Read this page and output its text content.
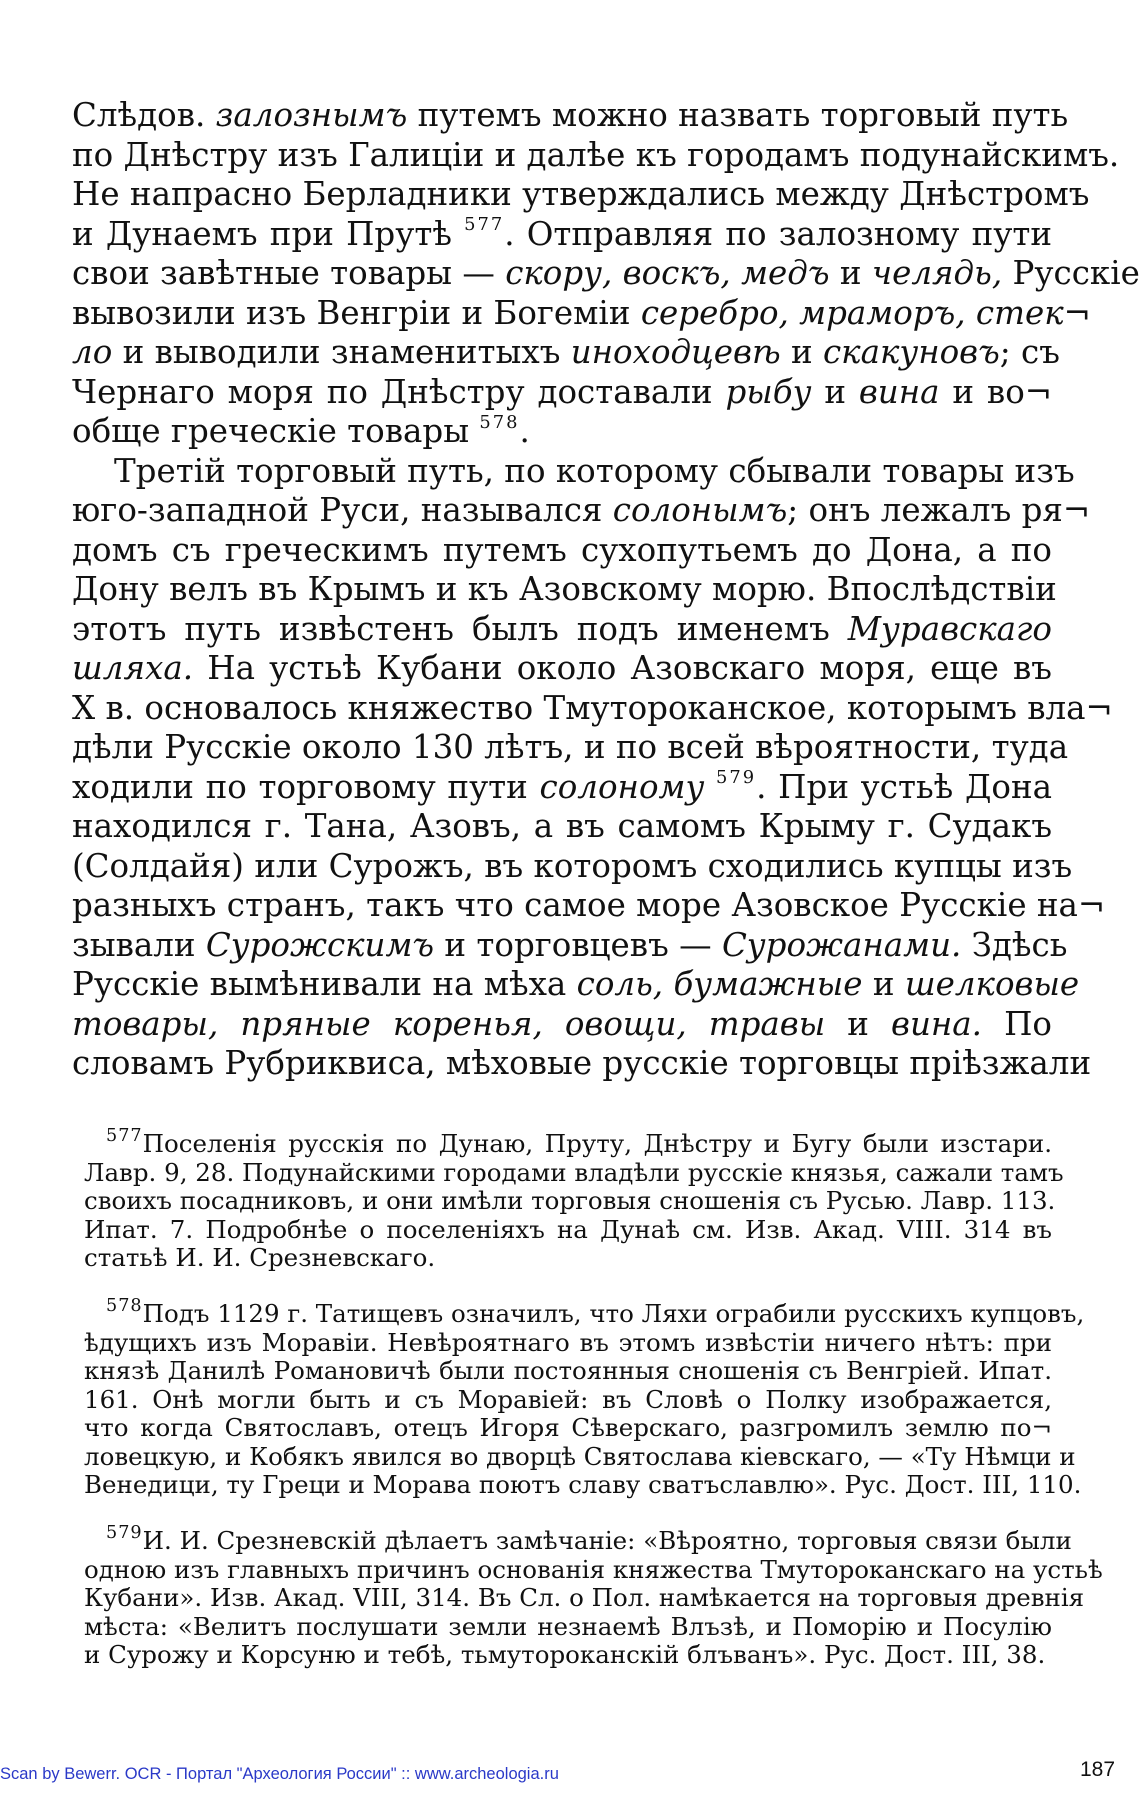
Слѣдов. залознымъ путемъ можно назвать торговый путь
по Днѣстру изъ Галиціи и далѣе къ городамъ подунайскимъ.
Не напрасно Берладники утверждались между Днѣстромъ
и Дунаемъ при Прутѣ $^{577}$. Отправляя по залозному пути
свои завѣтные товары — скору, воскъ, медъ и челядь, Русскіе
вывозили изъ Венгріи и Богеміи серебро, мраморъ, стек¬
ло и выводили знаменитыхъ иноходцевѣ и скакуновъ; съ
Чернаго моря по Днѣстру доставали рыбу и вина и во¬
обще греческіе товары $^{578}$.
Третій торговый путь, по которому сбывали товары изъ
юго-западной Руси, назывался солонымъ; онъ лежалъ ря¬
домъ съ греческимъ путемъ сухопутьемъ до Дона, а по
Дону велъ въ Крымъ и къ Азовскому морю. Впослѣдствіи
этотъ путь извѣстенъ былъ подъ именемъ Муравскаго
шляха. На устьѣ Кубани около Азовскаго моря, еще въ
X в. основалось княжество Тмутороканское, которымъ вла¬
дѣли Русскіе около 130 лѣтъ, и по всей вѣроятности, туда
ходили по торговому пути солоному $^{579}$. При устьѣ Дона
находился г. Тана, Азовъ, а въ самомъ Крыму г. Судакъ
(Солдайя) или Сурожъ, въ которомъ сходились купцы изъ
разныхъ странъ, такъ что самое море Азовское Русскіе на¬
зывали Сурожскимъ и торговцевъ — Сурожанами. Здѣсь
Русскіе вымѣнивали на мѣха соль, бумажные и шелковые
товары, пряные коренья, овощи, травы и вина. По
словамъ Рубриквиса, мѣховые русскіе торговцы пріѣзжали
$^{577}$Поселенія русскія по Дунаю, Пруту, Днѣстру и Бугу были изстари.
Лавр. 9, 28. Подунайскими городами владѣли русскіе князья, сажали тамъ
своихъ посадниковъ, и они имѣли торговыя сношенія съ Русью. Лавр. 113.
Ипат. 7. Подробнѣе о поселеніяхъ на Дунаѣ см. Изв. Акад. VIII. 314 въ
статьѣ И. И. Срезневскаго.
$^{578}$Подъ 1129 г. Татищевъ означилъ, что Ляхи ограбили русскихъ купцовъ,
ѣдущихъ изъ Моравіи. Невѣроятнаго въ этомъ извѣстіи ничего нѣтъ: при
князѣ Данилѣ Романовичѣ были постоянныя сношенія съ Венгріей. Ипат.
161. Онѣ могли быть и съ Моравіей: въ Словѣ о Полку изображается,
что когда Святославъ, отецъ Игоря Сѣверскаго, разгромилъ землю по¬
ловецкую, и Кобякъ явился во дворцѣ Святослава кіевскаго, — «Ту Нѣмци и
Венедици, ту Греци и Морава поютъ славу сватъславлю». Рус. Дост. III, 110.
$^{579}$И. И. Срезневскій дѣлаетъ замѣчаніе: «Вѣроятно, торговыя связи были
одною изъ главныхъ причинъ основанія княжества Тмутороканскаго на устьѣ
Кубани». Изв. Акад. VIII, 314. Въ Сл. о Пол. намѣкается на торговыя древнія
мѣста: «Велитъ послушати земли незнаемѣ Влъзѣ, и Поморію и Посулію
и Сурожу и Корсуню и тебѣ, тьмутороканскій блъванъ». Рус. Дост. III, 38.
Scan by Bewerr. OCR - Портал "Археология России" :: www.archeologia.ru	187
